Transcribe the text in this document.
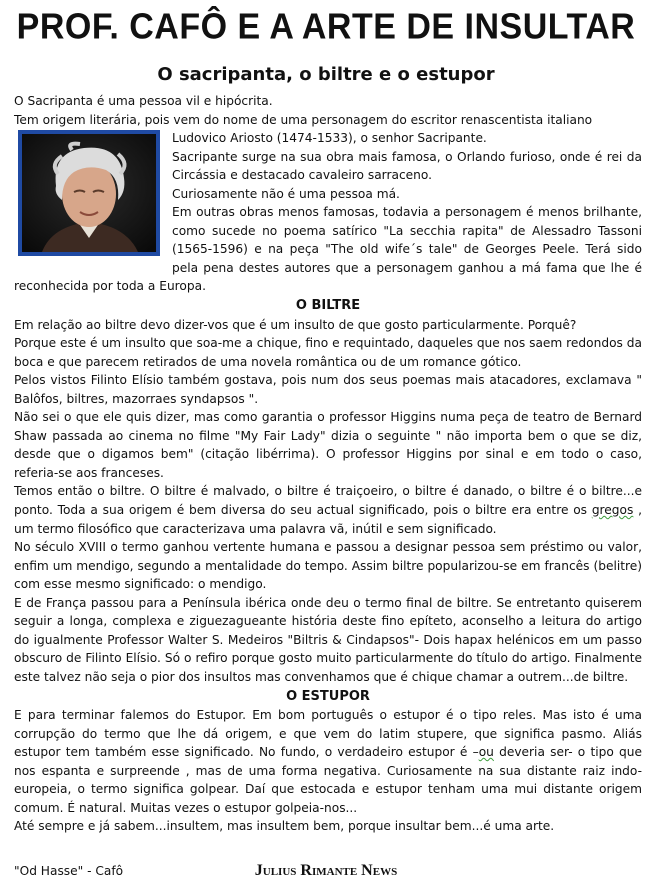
PROF. CAFÔ E A ARTE DE INSULTAR
O sacripanta, o biltre e o estupor

O Sacripanta é uma pessoa vil e hipócrita.

Tem origem literária, pois vem do nome de uma personagem do escritor renascentista italiano

Ludovico Ariosto (1474-1533), o senhor Sacripante.

Sacripante surge na sua obra mais famosa, o Orlando furioso, onde é rei da Circássia e destacado cavaleiro sarraceno.

Curiosamente não é uma pessoa má.

Em outras obras menos famosas, todavia a personagem é menos brilhante, como sucede no poema satírico "La secchia rapita" de Alessadro Tassoni (1565-1596) e na peça "The old wife´s tale" de Georges Peele. Terá sido pela pena destes autores que a personagem ganhou a má fama que lhe é reconhecida por toda a Europa.

O BILTRE

Em relação ao biltre devo dizer-vos que é um insulto de que gosto particularmente. Porquê?

Porque este é um insulto que soa-me a chique, fino e requintado, daqueles que nos saem redondos da boca e que parecem retirados de uma novela romântica ou de um romance gótico.

Pelos vistos Filinto Elísio também gostava, pois num dos seus poemas mais atacadores, exclamava " Balôfos, biltres, mazorraes syndapsos ".

Não sei o que ele quis dizer, mas como garantia o professor Higgins numa peça de teatro de Bernard Shaw passada ao cinema no filme "My Fair Lady" dizia o seguinte " não importa bem o que se diz, desde que o digamos bem" (citação libérrima). O professor Higgins por sinal e em todo o caso, referia-se aos franceses.

Temos então o biltre. O biltre é malvado, o biltre é traiçoeiro, o biltre é danado, o biltre é o biltre...e ponto. Toda a sua origem é bem diversa do seu actual significado, pois o biltre era entre os gregos , um termo filosófico que caracterizava uma palavra vã, inútil e sem significado.

No século XVIII o termo ganhou vertente humana e passou a designar pessoa sem préstimo ou valor, enfim um mendigo, segundo a mentalidade do tempo. Assim biltre popularizou-se em francês (belitre) com esse mesmo significado: o mendigo.

E de França passou para a Península ibérica onde deu o termo final de biltre. Se entretanto quiserem seguir a longa, complexa e ziguezagueante história deste fino epíteto, aconselho a leitura do artigo do igualmente Professor Walter S. Medeiros "Biltris & Cindapsos"- Dois hapax helénicos em um passo obscuro de Filinto Elísio. Só o refiro porque gosto muito particularmente do título do artigo. Finalmente este talvez não seja o pior dos insultos mas convenhamos que é chique chamar a outrem...de biltre.

O ESTUPOR

E para terminar falemos do Estupor. Em bom português o estupor é o tipo reles. Mas isto é uma corrupção do termo que lhe dá origem, e que vem do latim stupere, que significa pasmo. Aliás estupor tem também esse significado. No fundo, o verdadeiro estupor é –ou deveria ser- o tipo que nos espanta e surpreende , mas de uma forma negativa. Curiosamente na sua distante raiz indo-europeia, o termo significa golpear. Daí que estocada e estupor tenham uma mui distante origem comum. É natural. Muitas vezes o estupor golpeia-nos...

Até sempre e já sabem...insultem, mas insultem bem, porque insultar bem...é uma arte.

"Od Hasse" - Cafô	Julius Rimante News
